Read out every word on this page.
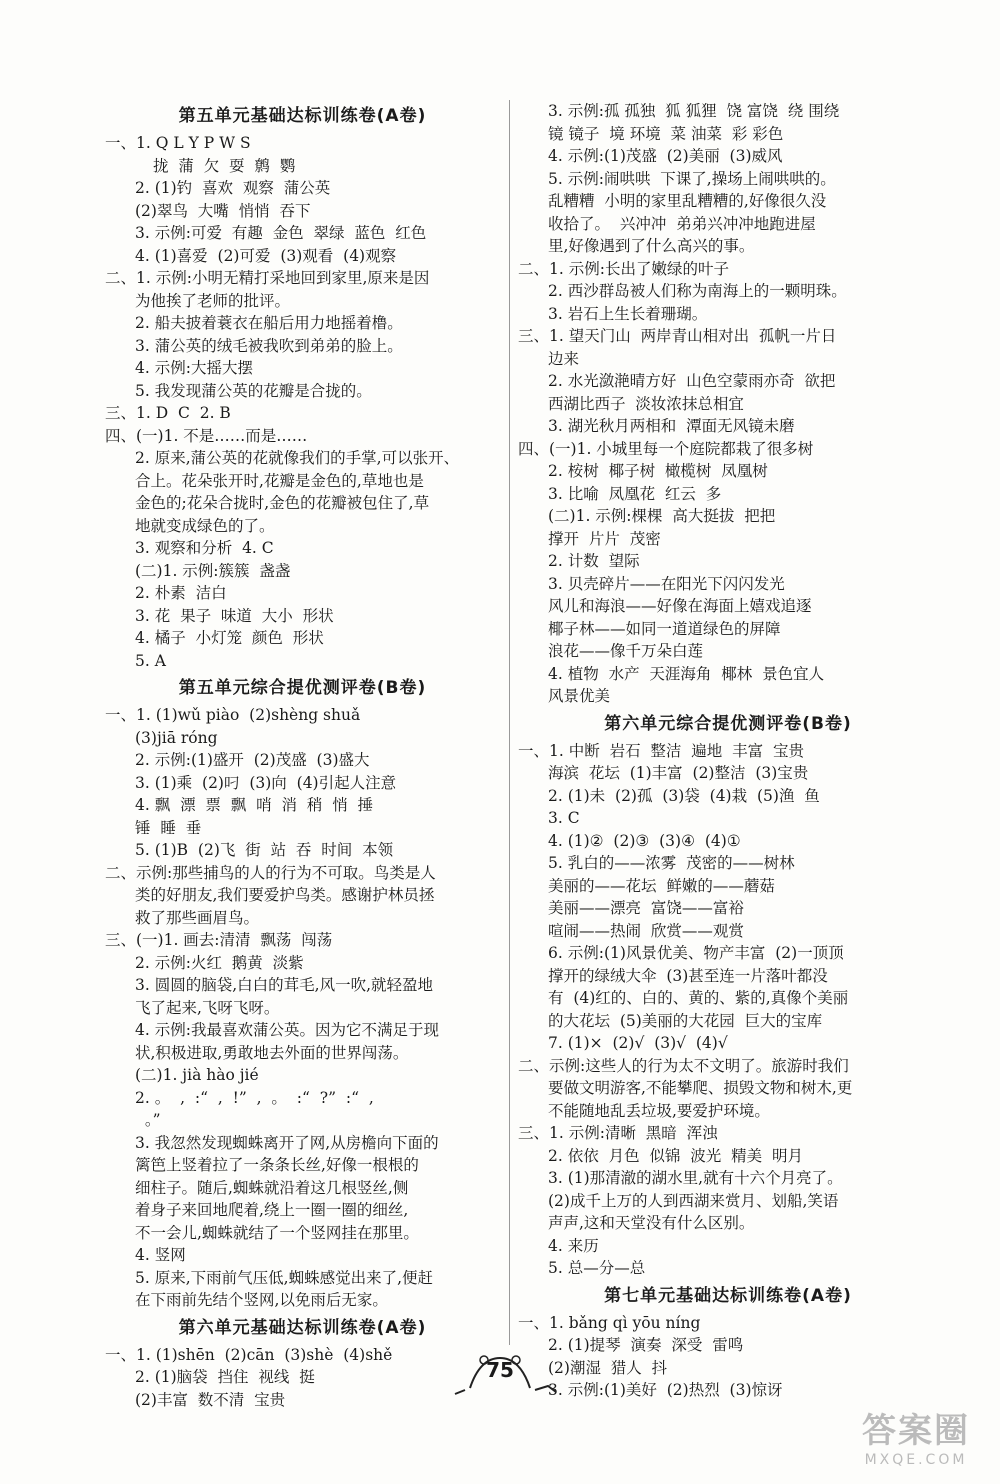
第五单元基础达标训练卷(A卷)
一、1. Q L Y P W S
拢  蒲  欠  耍  鹩  鹦
2. (1)钓  喜欢  观察  蒲公英
(2)翠鸟  大嘴  悄悄  吞下
3. 示例:可爱  有趣  金色  翠绿  蓝色  红色
4. (1)喜爱  (2)可爱  (3)观看  (4)观察
二、1. 示例:小明无精打采地回到家里,原来是因
为他挨了老师的批评。
2. 船夫披着蓑衣在船后用力地摇着橹。
3. 蒲公英的绒毛被我吹到弟弟的脸上。
4. 示例:大摇大摆
5. 我发现蒲公英的花瓣是合拢的。
三、1. D  C  2. B
四、(一)1. 不是……而是……
2. 原来,蒲公英的花就像我们的手掌,可以张开、
合上。花朵张开时,花瓣是金色的,草地也是
金色的;花朵合拢时,金色的花瓣被包住了,草
地就变成绿色的了。
3. 观察和分析  4. C
(二)1. 示例:簇簇  盏盏
2. 朴素  洁白
3. 花  果子  味道  大小  形状
4. 橘子  小灯笼  颜色  形状
5. A
第五单元综合提优测评卷(B卷)
一、1. (1)wǔ piào  (2)shèng shuǎ
(3)jiā róng
2. 示例:(1)盛开  (2)茂盛  (3)盛大
3. (1)乘  (2)叼  (3)向  (4)引起人注意
4. 飘  漂  票  飘  哨  消  稍  悄  捶
锤  睡  垂
5. (1)B  (2)飞  街  站  吞  时间  本领
二、示例:那些捕鸟的人的行为不可取。鸟类是人
类的好朋友,我们要爱护鸟类。感谢护林员拯
救了那些画眉鸟。
三、(一)1. 画去:清清  飘荡  闯荡
2. 示例:火红  鹅黄  淡紫
3. 圆圆的脑袋,白白的茸毛,风一吹,就轻盈地
飞了起来,飞呀飞呀。
4. 示例:我最喜欢蒲公英。因为它不满足于现
状,积极进取,勇敢地去外面的世界闯荡。
(二)1. jià hào jié
2. 。  ,  :“  ,  !”  ,  。  :“  ?”  :“  ,
。”
3. 我忽然发现蜘蛛离开了网,从房檐向下面的
篱笆上竖着拉了一条条长丝,好像一根根的
细柱子。随后,蜘蛛就沿着这几根竖丝,侧
着身子来回地爬着,绕上一圈一圈的细丝,
不一会儿,蜘蛛就结了一个竖网挂在那里。
4. 竖网
5. 原来,下雨前气压低,蜘蛛感觉出来了,便赶
在下雨前先结个竖网,以免雨后无家。
第六单元基础达标训练卷(A卷)
一、1. (1)shēn  (2)cān  (3)shè  (4)shě
2. (1)脑袋  挡住  视线  挺
(2)丰富  数不清  宝贵
3. 示例:孤 孤独  狐 狐狸  饶 富饶  绕 围绕
镜 镜子  境 环境  菜 油菜  彩 彩色
4. 示例:(1)茂盛  (2)美丽  (3)威风
5. 示例:闹哄哄  下课了,操场上闹哄哄的。
乱糟糟  小明的家里乱糟糟的,好像很久没
收拾了。  兴冲冲  弟弟兴冲冲地跑进屋
里,好像遇到了什么高兴的事。
二、1. 示例:长出了嫩绿的叶子
2. 西沙群岛被人们称为南海上的一颗明珠。
3. 岩石上生长着珊瑚。
三、1. 望天门山  两岸青山相对出  孤帆一片日
边来
2. 水光潋滟晴方好  山色空蒙雨亦奇  欲把
西湖比西子  淡妆浓抹总相宜
3. 湖光秋月两相和  潭面无风镜未磨
四、(一)1. 小城里每一个庭院都栽了很多树
2. 桉树  椰子树  橄榄树  凤凰树
3. 比喻  凤凰花  红云  多
(二)1. 示例:棵棵  高大挺拔  把把
撑开  片片  茂密
2. 计数  望际
3. 贝壳碎片——在阳光下闪闪发光
风儿和海浪——好像在海面上嬉戏追逐
椰子林——如同一道道绿色的屏障
浪花——像千万朵白莲
4. 植物  水产  天涯海角  椰林  景色宜人
风景优美
第六单元综合提优测评卷(B卷)
一、1. 中断  岩石  整洁  遍地  丰富  宝贵
海滨  花坛  (1)丰富  (2)整洁  (3)宝贵
2. (1)未  (2)孤  (3)袋  (4)栽  (5)渔  鱼
3. C
4. (1)②  (2)③  (3)④  (4)①
5. 乳白的——浓雾  茂密的——树林
美丽的——花坛  鲜嫩的——蘑菇
美丽——漂亮  富饶——富裕
喧闹——热闹  欣赏——观赏
6. 示例:(1)风景优美、物产丰富  (2)一顶顶
撑开的绿绒大伞  (3)甚至连一片落叶都没
有  (4)红的、白的、黄的、紫的,真像个美丽
的大花坛  (5)美丽的大花园  巨大的宝库
7. (1)×  (2)√  (3)√  (4)√
二、示例:这些人的行为太不文明了。旅游时我们
要做文明游客,不能攀爬、损毁文物和树木,更
不能随地乱丢垃圾,要爱护环境。
三、1. 示例:清晰  黑暗  浑浊
2. 依依  月色  似锦  波光  精美  明月
3. (1)那清澈的湖水里,就有十六个月亮了。
(2)成千上万的人到西湖来赏月、划船,笑语
声声,这和天堂没有什么区别。
4. 来历
5. 总—分—总
第七单元基础达标训练卷(A卷)
一、1. bǎng qì yōu níng
2. (1)提琴  演奏  深受  雷鸣
(2)潮湿  猎人  抖
3. 示例:(1)美好  (2)热烈  (3)惊讶
75
答案圈
MXQE.COM
